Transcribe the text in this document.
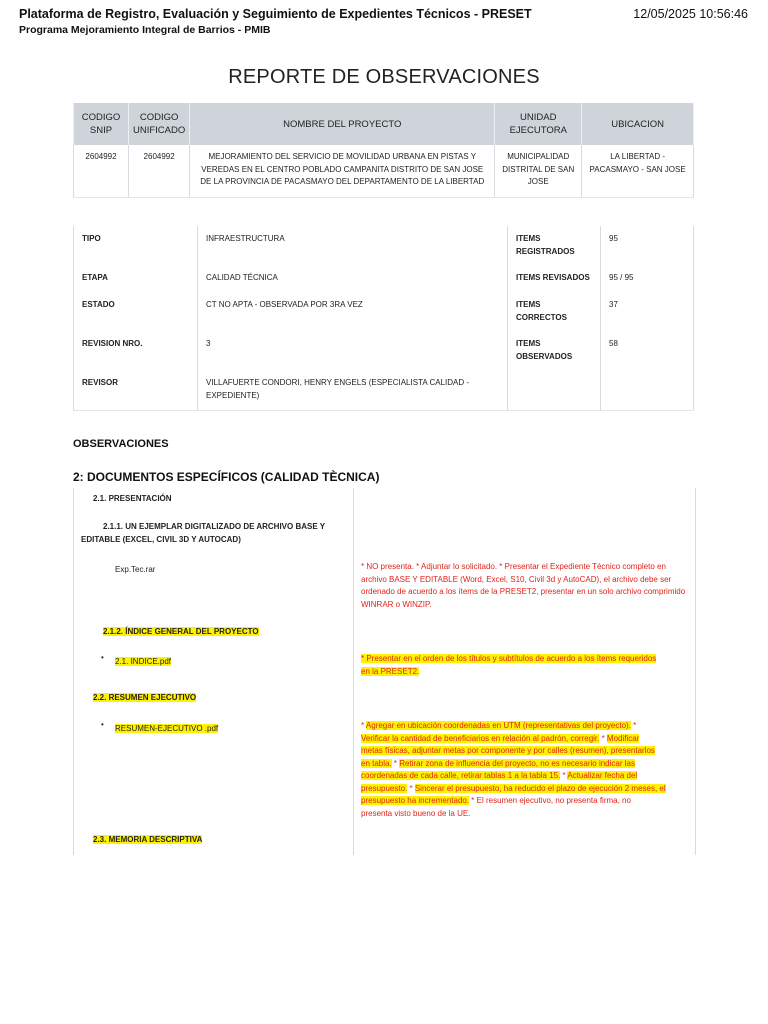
Plataforma de Registro, Evaluación y Seguimiento de Expedientes Técnicos - PRESET
Programa Mejoramiento Integral de Barrios - PMIB
12/05/2025 10:56:46
REPORTE DE OBSERVACIONES
CODIGO SNIP	CODIGO UNIFICADO	NOMBRE DEL PROYECTO	UNIDAD EJECUTORA	UBICACION
2604992	2604992	MEJORAMIENTO DEL SERVICIO DE MOVILIDAD URBANA EN PISTAS Y VEREDAS EN EL CENTRO POBLADO CAMPANITA DISTRITO DE SAN JOSE DE LA PROVINCIA DE PACASMAYO DEL DEPARTAMENTO DE LA LIBERTAD	MUNICIPALIDAD DISTRITAL DE SAN JOSE	LA LIBERTAD - PACASMAYO - SAN JOSE
TIPO	INFRAESTRUCTURA	ITEMS REGISTRADOS	95
ETAPA	CALIDAD TÉCNICA	ITEMS REVISADOS	95 / 95
ESTADO	CT NO APTA - OBSERVADA POR 3RA VEZ	ITEMS CORRECTOS	37
REVISION NRO.	3	ITEMS OBSERVADOS	58
REVISOR	VILLAFUERTE CONDORI, HENRY ENGELS (ESPECIALISTA CALIDAD - EXPEDIENTE)		
OBSERVACIONES
2: DOCUMENTOS ESPECÍFICOS (CALIDAD TÈCNICA)
2.1. PRESENTACIÓN
2.1.1. UN EJEMPLAR DIGITALIZADO DE ARCHIVO BASE Y EDITABLE (EXCEL, CIVIL 3D Y AUTOCAD)
Exp.Tec.rar	* NO presenta. * Adjuntar lo solicitado. * Presentar el Expediente Técnico completo en archivo BASE Y EDITABLE (Word, Excel, S10, Civil 3d y AutoCAD), el archivo debe ser ordenado de acuerdo a los ítems de la PRESET2, presentar en un solo archivo comprimido WINRAR o WINZIP.
2.1.2. ÍNDICE GENERAL DEL PROYECTO
• 2.1. INDICE.pdf	* Presentar en el orden de los títulos y subtítulos de acuerdo a los ítems requeridos
en la PRESET2.
2.2. RESUMEN EJECUTIVO
• RESUMEN-EJECUTIVO .pdf	* Agregar en ubicación coordenadas en UTM (representativas del proyecto). *
Verificar la cantidad de beneficiarios en relación al padrón, corregir. * Modificar
metas físicas, adjuntar metas por componente y por calles (resumen), presentarlos
en tabla. * Retirar zona de influencia del proyecto, no es necesario indicar las
coordenadas de cada calle, retirar tablas 1 a la tabla 15. * Actualizar fecha del
presupuesto. * Sincerar el presupuesto, ha reducido el plazo de ejecución 2 meses, el
presupuesto ha incrementado. * El resumen ejecutivo, no presenta firma, no
presenta visto bueno de la UE.
2.3. MEMORIA DESCRIPTIVA
